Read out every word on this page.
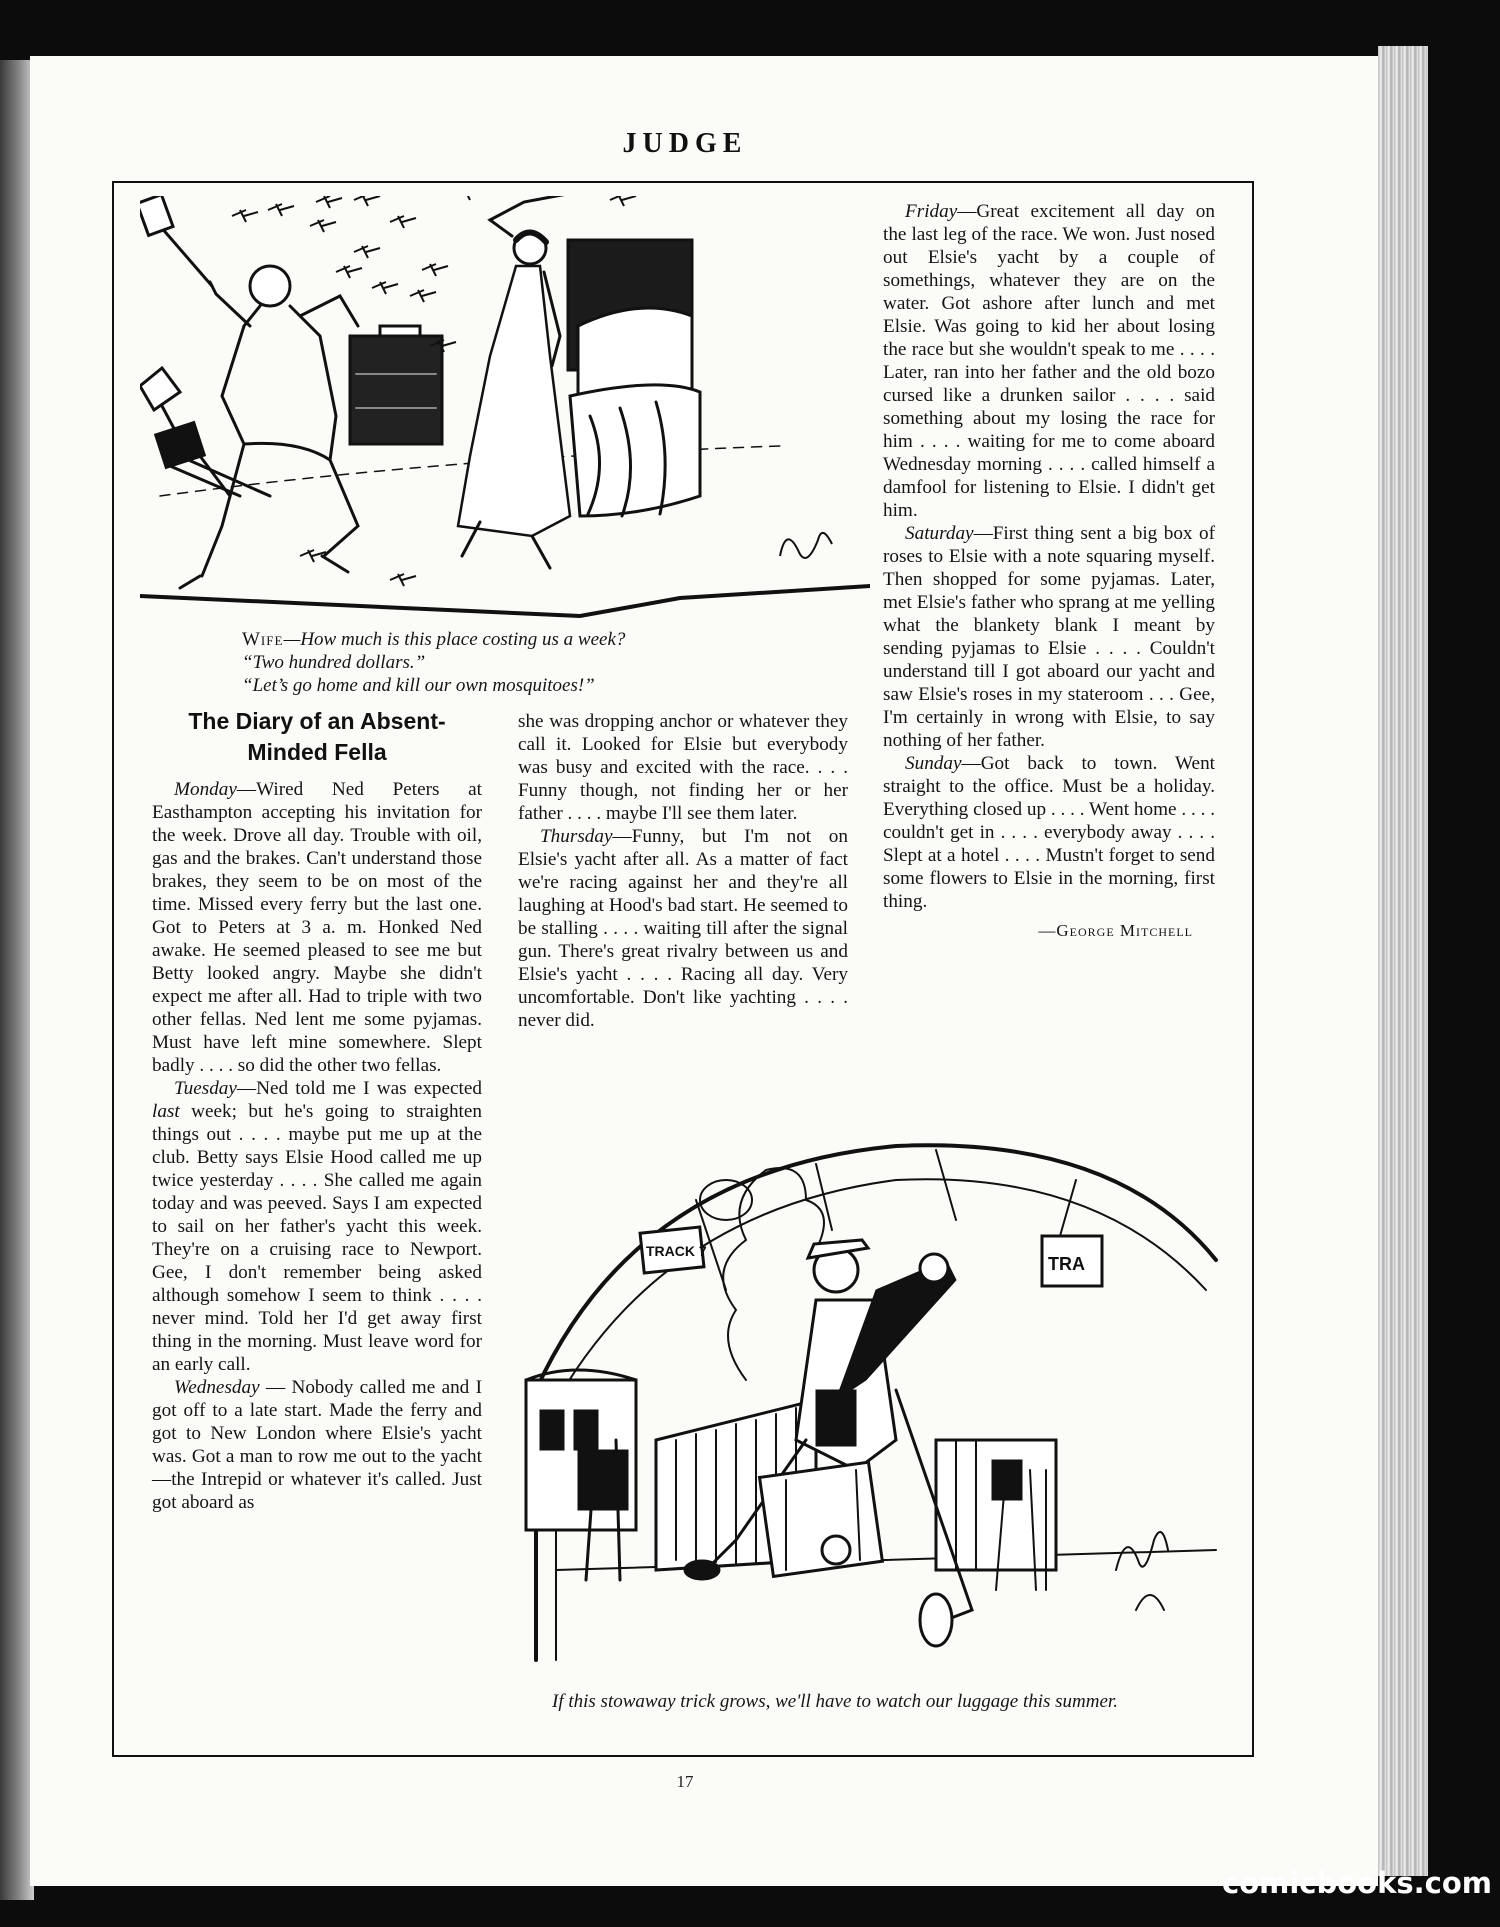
JUDGE
Wife—How much is this place costing us a week?
“Two hundred dollars.”
“Let’s go home and kill our own mosquitoes!”
The Diary of an Absent-
Minded Fella

Monday—Wired Ned Peters at Easthampton accepting his invitation for the week. Drove all day. Trouble with oil, gas and the brakes. Can't understand those brakes, they seem to be on most of the time. Missed every ferry but the last one. Got to Peters at 3 a. m. Honked Ned awake. He seemed pleased to see me but Betty looked angry. Maybe she didn't expect me after all. Had to triple with two other fellas. Ned lent me some pyjamas. Must have left mine somewhere. Slept badly . . . . so did the other two fellas.

Tuesday—Ned told me I was expected last week; but he's going to straighten things out . . . . maybe put me up at the club. Betty says Elsie Hood called me up twice yesterday . . . . She called me again today and was peeved. Says I am expected to sail on her father's yacht this week. They're on a cruising race to Newport. Gee, I don't remember being asked although somehow I seem to think . . . . never mind. Told her I'd get away first thing in the morning. Must leave word for an early call.

Wednesday — Nobody called me and I got off to a late start. Made the ferry and got to New London where Elsie's yacht was. Got a man to row me out to the yacht—the Intrepid or whatever it's called. Just got aboard as

she was dropping anchor or whatever they call it. Looked for Elsie but everybody was busy and excited with the race. . . . Funny though, not finding her or her father . . . . maybe I'll see them later.

Thursday—Funny, but I'm not on Elsie's yacht after all. As a matter of fact we're racing against her and they're all laughing at Hood's bad start. He seemed to be stalling . . . . waiting till after the signal gun. There's great rivalry between us and Elsie's yacht . . . . Racing all day. Very uncomfortable. Don't like yachting . . . . never did.

Friday—Great excitement all day on the last leg of the race. We won. Just nosed out Elsie's yacht by a couple of somethings, whatever they are on the water. Got ashore after lunch and met Elsie. Was going to kid her about losing the race but she wouldn't speak to me . . . . Later, ran into her father and the old bozo cursed like a drunken sailor . . . . said something about my losing the race for him . . . . waiting for me to come aboard Wednesday morning . . . . called himself a damfool for listening to Elsie. I didn't get him.

Saturday—First thing sent a big box of roses to Elsie with a note squaring myself. Then shopped for some pyjamas. Later, met Elsie's father who sprang at me yelling what the blankety blank I meant by sending pyjamas to Elsie . . . . Couldn't understand till I got aboard our yacht and saw Elsie's roses in my stateroom . . . Gee, I'm certainly in wrong with Elsie, to say nothing of her father.

Sunday—Got back to town. Went straight to the office. Must be a holiday. Everything closed up . . . . Went home . . . . couldn't get in . . . . everybody away . . . . Slept at a hotel . . . . Mustn't forget to send some flowers to Elsie in the morning, first thing.

—George Mitchell
TRACK 7
TRA
If this stowaway trick grows, we'll have to watch our luggage this summer.
17
comicbooks.com
